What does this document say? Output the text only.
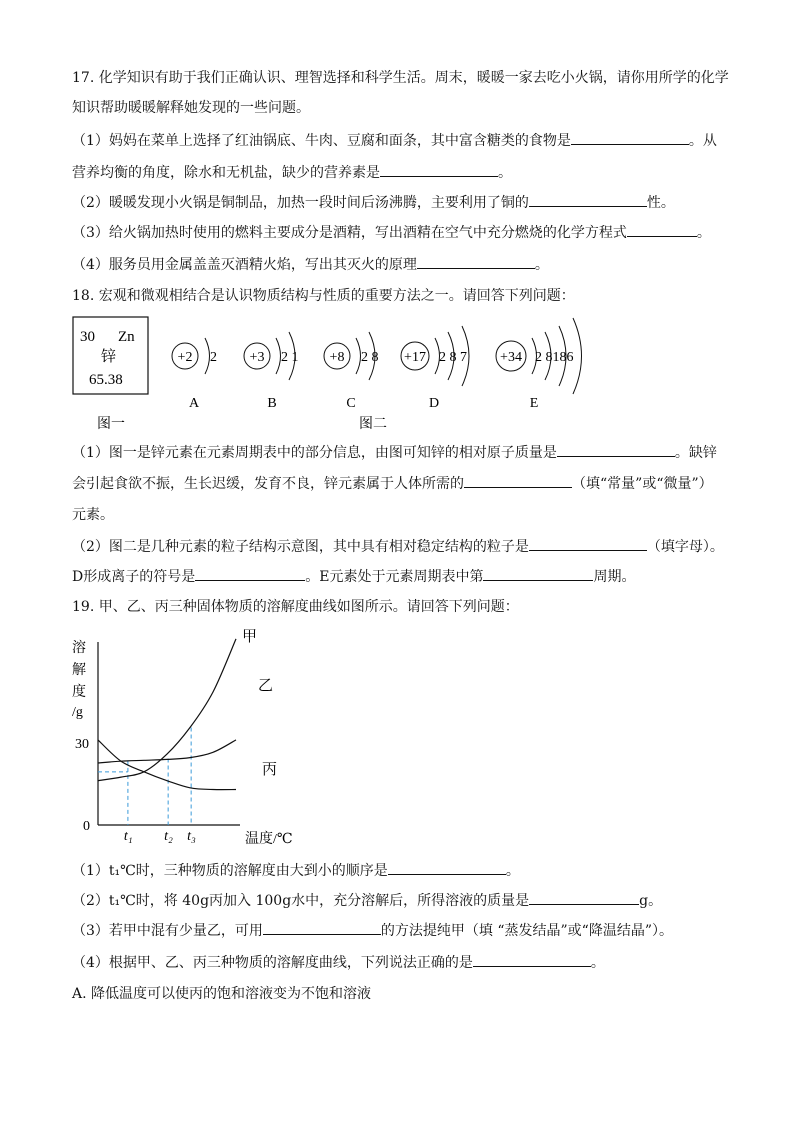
17. 化学知识有助于我们正确认识、理智选择和科学生活。周末，暖暖一家去吃小火锅，请你用所学的化学
知识帮助暖暖解释她发现的一些问题。
（1）妈妈在菜单上选择了红油锅底、牛肉、豆腐和面条，其中富含糖类的食物是	。从
营养均衡的角度，除水和无机盐，缺少的营养素是	。
（2）暖暖发现小火锅是铜制品，加热一段时间后汤沸腾，主要利用了铜的	性。
（3）给火锅加热时使用的燃料主要成分是酒精，写出酒精在空气中充分燃烧的化学方程式	。
（4）服务员用金属盖盖灭酒精火焰，写出其灭火的原理	。
18. 宏观和微观相结合是认识物质结构与性质的重要方法之一。请回答下列问题：
30 Zn
锌
65.38
+2 2
A
+3 2 1
B
+8 2 8
C
+17 2 8 7
D
+34 2 8186
E
图一	图二
（1）图一是锌元素在元素周期表中的部分信息，由图可知锌的相对原子质量是	。缺锌
会引起食欲不振，生长迟缓，发育不良，锌元素属于人体所需的	（填“常量”或“微量”）
元素。
（2）图二是几种元素的粒子结构示意图，其中具有相对稳定结构的粒子是	（填字母）。
D形成离子的符号是	。E元素处于元素周期表中第	周期。
19. 甲、乙、丙三种固体物质的溶解度曲线如图所示。请回答下列问题：
溶
解
度
/g
0
30
温度/℃
t₁ t₂ t₃
甲
乙
丙
（1）t₁℃时，三种物质的溶解度由大到小的顺序是	。
（2）t₁℃时，将 40g丙加入 100g水中，充分溶解后，所得溶液的质量是	g。
（3）若甲中混有少量乙，可用	的方法提纯甲（填 “蒸发结晶”或“降温结晶”）。
（4）根据甲、乙、丙三种物质的溶解度曲线，下列说法正确的是	。
A. 降低温度可以使丙的饱和溶液变为不饱和溶液
